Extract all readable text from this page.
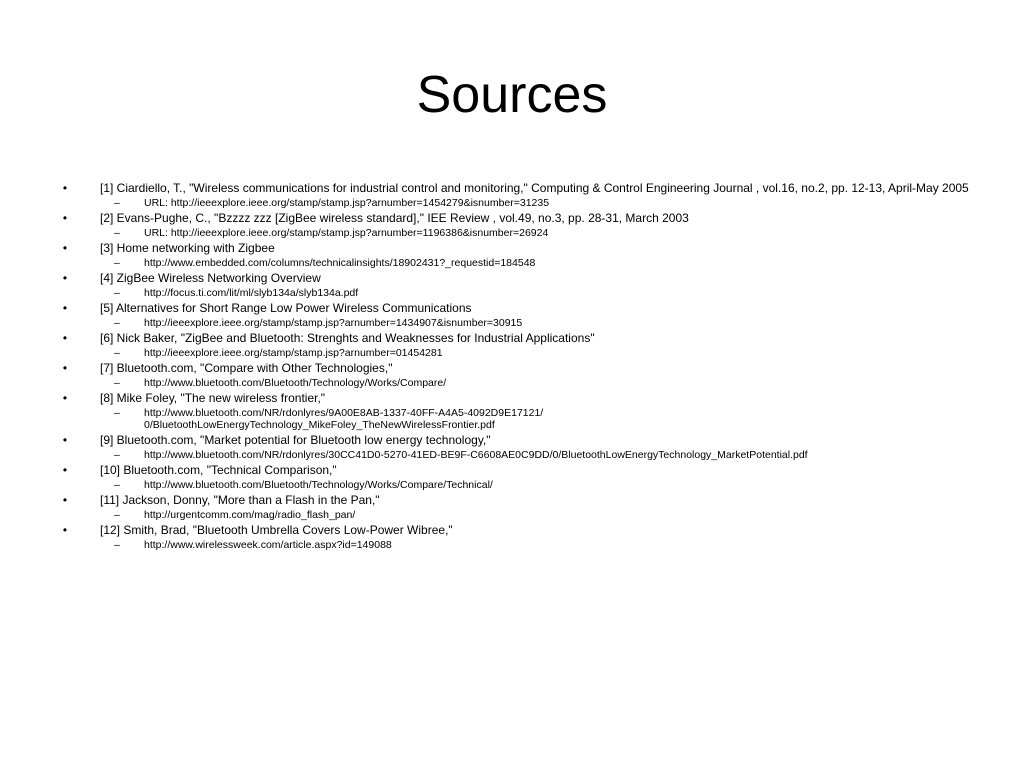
Sources
•	[1] Ciardiello, T., "Wireless communications for industrial control and monitoring," Computing & Control Engineering Journal , vol.16, no.2, pp. 12-13, April-May 2005
– URL: http://ieeexplore.ieee.org/stamp/stamp.jsp?arnumber=1454279&isnumber=31235
•	[2] Evans-Pughe, C., "Bzzzz zzz [ZigBee wireless standard]," IEE Review , vol.49, no.3, pp. 28-31, March 2003
– URL: http://ieeexplore.ieee.org/stamp/stamp.jsp?arnumber=1196386&isnumber=26924
•	[3] Home networking with Zigbee
– http://www.embedded.com/columns/technicalinsights/18902431?_requestid=184548
•	[4] ZigBee Wireless Networking Overview
– http://focus.ti.com/lit/ml/slyb134a/slyb134a.pdf
•	[5] Alternatives for Short Range Low Power Wireless Communications
– http://ieeexplore.ieee.org/stamp/stamp.jsp?arnumber=1434907&isnumber=30915
•	[6] Nick Baker, "ZigBee and Bluetooth: Strenghts and Weaknesses for Industrial Applications"
– http://ieeexplore.ieee.org/stamp/stamp.jsp?arnumber=01454281
•	[7] Bluetooth.com, "Compare with Other Technologies,"
– http://www.bluetooth.com/Bluetooth/Technology/Works/Compare/
•	[8] Mike Foley, "The new wireless frontier,"
– http://www.bluetooth.com/NR/rdonlyres/9A00E8AB-1337-40FF-A4A5-4092D9E17121/0/BluetoothLowEnergyTechnology_MikeFoley_TheNewWirelessFrontier.pdf
•	[9] Bluetooth.com, "Market potential for Bluetooth low energy technology,"
– http://www.bluetooth.com/NR/rdonlyres/30CC41D0-5270-41ED-BE9F-C6608AE0C9DD/0/BluetoothLowEnergyTechnology_MarketPotential.pdf
•	[10] Bluetooth.com, "Technical Comparison,"
– http://www.bluetooth.com/Bluetooth/Technology/Works/Compare/Technical/
•	[11] Jackson, Donny, "More than a Flash in the Pan,"
– http://urgentcomm.com/mag/radio_flash_pan/
•	[12] Smith, Brad, "Bluetooth Umbrella Covers Low-Power Wibree,"
– http://www.wirelessweek.com/article.aspx?id=149088
